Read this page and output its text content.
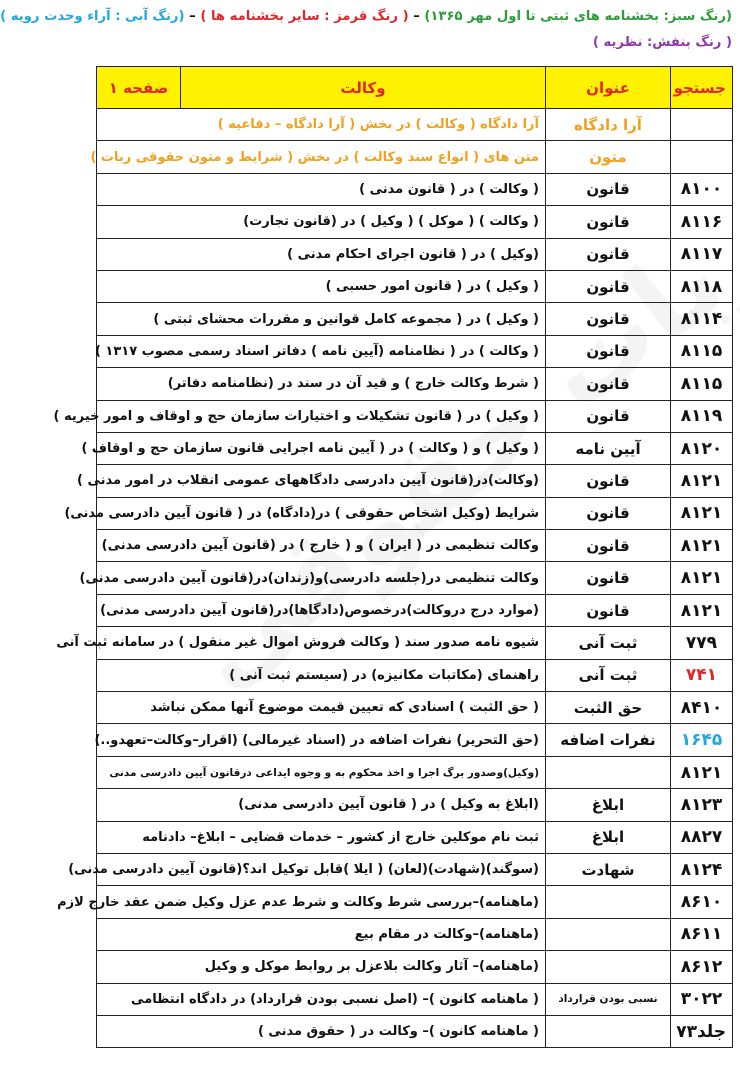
(رنگ سبز: بخشنامه های ثبتی تا اول مهر ۱۳۶۵) – ( رنگ قرمز : سایر بخشنامه ها ) – (رنگ آبی : آراء وحدت رویه )
( رنگ بنفش: نظریه )
جستجو	عنوان	وکالت	صفحه ۱
	آرا دادگاه	آرا دادگاه ( وکالت ) در بخش ( آرا دادگاه – دفاعیه )	
	متون	متن های ( انواع سند وکالت ) در بخش ( شرایط و متون حقوقی ربات )	
۸۱۰۰	قانون	( وکالت ) در ( قانون مدنی )	
۸۱۱۶	قانون	( وکالت ) ( موکل ) ( وکیل ) در (قانون تجارت)	
۸۱۱۷	قانون	(وکیل ) در ( قانون اجرای احکام مدنی )	
۸۱۱۸	قانون	( وکیل ) در ( قانون امور حسبی )	
۸۱۱۴	قانون	( وکیل ) در ( مجموعه کامل قوانین و مقررات محشای ثبتی )	
۸۱۱۵	قانون	( وکالت ) در ( نظامنامه (آیین نامه ) دفاتر اسناد رسمی مصوب ۱۳۱۷ )	
۸۱۱۵	قانون	( شرط وکالت خارج ) و قید آن در سند در (نظامنامه دفاتر)	
۸۱۱۹	قانون	( وکیل ) در ( قانون تشکیلات و اختیارات سازمان حج و اوقاف و امور خیریه )	
۸۱۲۰	آیین نامه	( وکیل ) و ( وکالت ) در ( آیین نامه اجرایی قانون سازمان حج و اوقاف )	
۸۱۲۱	قانون	(وکالت)در(قانون آیین دادرسی دادگاههای عمومی انقلاب در امور مدنی )	
۸۱۲۱	قانون	شرایط (وکیل اشخاص حقوقی ) در(دادگاه) در ( قانون آیین دادرسی مدنی)	
۸۱۲۱	قانون	وکالت تنظیمی در ( ایران ) و ( خارج ) در (قانون آیین دادرسی مدنی)	
۸۱۲۱	قانون	وکالت تنظیمی در(جلسه دادرسی)و(زندان)در(قانون آیین دادرسی مدنی)	
۸۱۲۱	قانون	(موارد درج دروکالت)درخصوص(دادگاها)در(قانون آیین دادرسی مدنی)	
۷۷۹	ثبت آنی	شیوه نامه صدور سند ( وکالت فروش اموال غیر منقول ) در سامانه ثبت آنی	
۷۴۱	ثبت آنی	راهنمای (مکاتبات مکانیزه) در (سیستم ثبت آنی )	
۸۴۱۰	حق الثبت	( حق الثبت ) اسنادی که تعیین قیمت موضوع آنها ممکن نباشد	
۱۶۴۵	نفرات اضافه	(حق التحریر) نفرات اضافه در (اسناد غیرمالی) (اقرار–وکالت–تعهدو..)	
۸۱۲۱		(وکیل)وصدور برگ اجرا و اخذ محکوم به و وجوه ایداعی درقانون آیین دادرسی مدنی	
۸۱۲۳	ابلاغ	(ابلاغ به وکیل ) در ( قانون آیین دادرسی مدنی)	
۸۸۲۷	ابلاغ	ثبت نام موکلین خارج از کشور – خدمات قضایی – ابلاغ– دادنامه	
۸۱۲۴	شهادت	(سوگند)(شهادت)(لعان) ( ایلا )قابل توکیل اند؟(قانون آیین دادرسی مدنی)	
۸۶۱۰		(ماهنامه)–بررسی شرط وکالت و شرط عدم عزل وکیل ضمن عقد خارج لازم	
۸۶۱۱		(ماهنامه)–وکالت در مقام بیع	
۸۶۱۲		(ماهنامه)– آثار وکالت بلاعزل بر روابط موکل و وکیل	
۳۰۲۲	نسبی بودن قرارداد	( ماهنامه کانون )– (اصل نسبی بودن قرارداد) در دادگاه انتظامی	
جلد۷۳		( ماهنامه کانون )– وکالت در ( حقوق مدنی )	
